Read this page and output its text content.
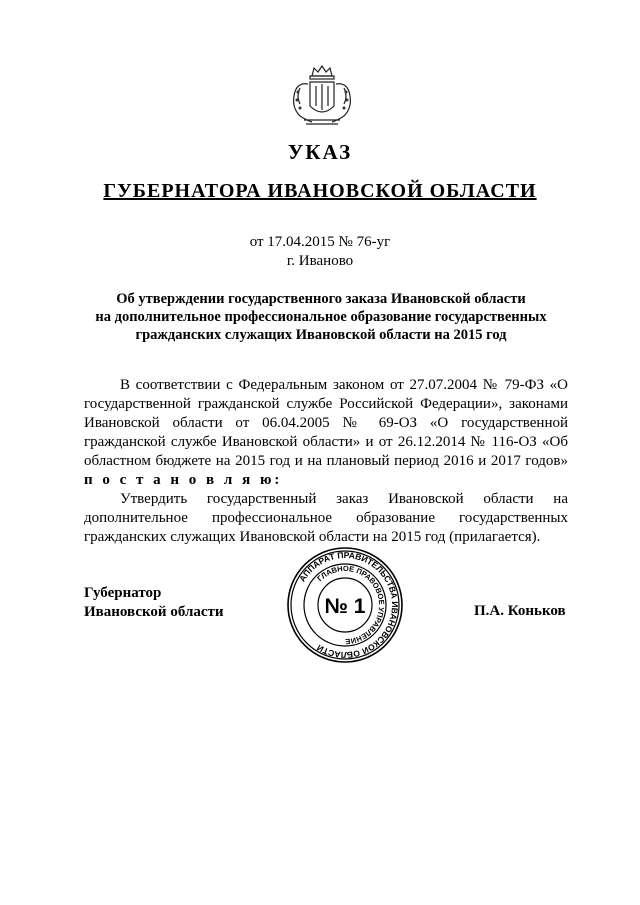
УКАЗ
ГУБЕРНАТОРА ИВАНОВСКОЙ ОБЛАСТИ
от 17.04.2015 № 76-уг
г. Иваново
Об утверждении государственного заказа Ивановской области
на дополнительное профессиональное образование государственных
гражданских служащих Ивановской области на 2015 год
В соответствии с Федеральным законом от 27.07.2004 № 79-ФЗ «О государственной гражданской службе Российской Федерации», законами Ивановской области от 06.04.2005 № 69-ОЗ «О государственной гражданской службе Ивановской области» и от 26.12.2014 № 116-ОЗ «Об областном бюджете на 2015 год и на плановый период 2016 и 2017 годов» п о с т а н о в л я ю:
Утвердить государственный заказ Ивановской области на дополнительное профессиональное образование государственных гражданских служащих Ивановской области на 2015 год (прилагается).
Губернатор
Ивановской области	П.А. Коньков
АППАРАТ ПРАВИТЕЛЬСТВА ИВАНОВСКОЙ ОБЛАСТИ
ГЛАВНОЕ ПРАВОВОЕ УПРАВЛЕНИЕ
№ 1
